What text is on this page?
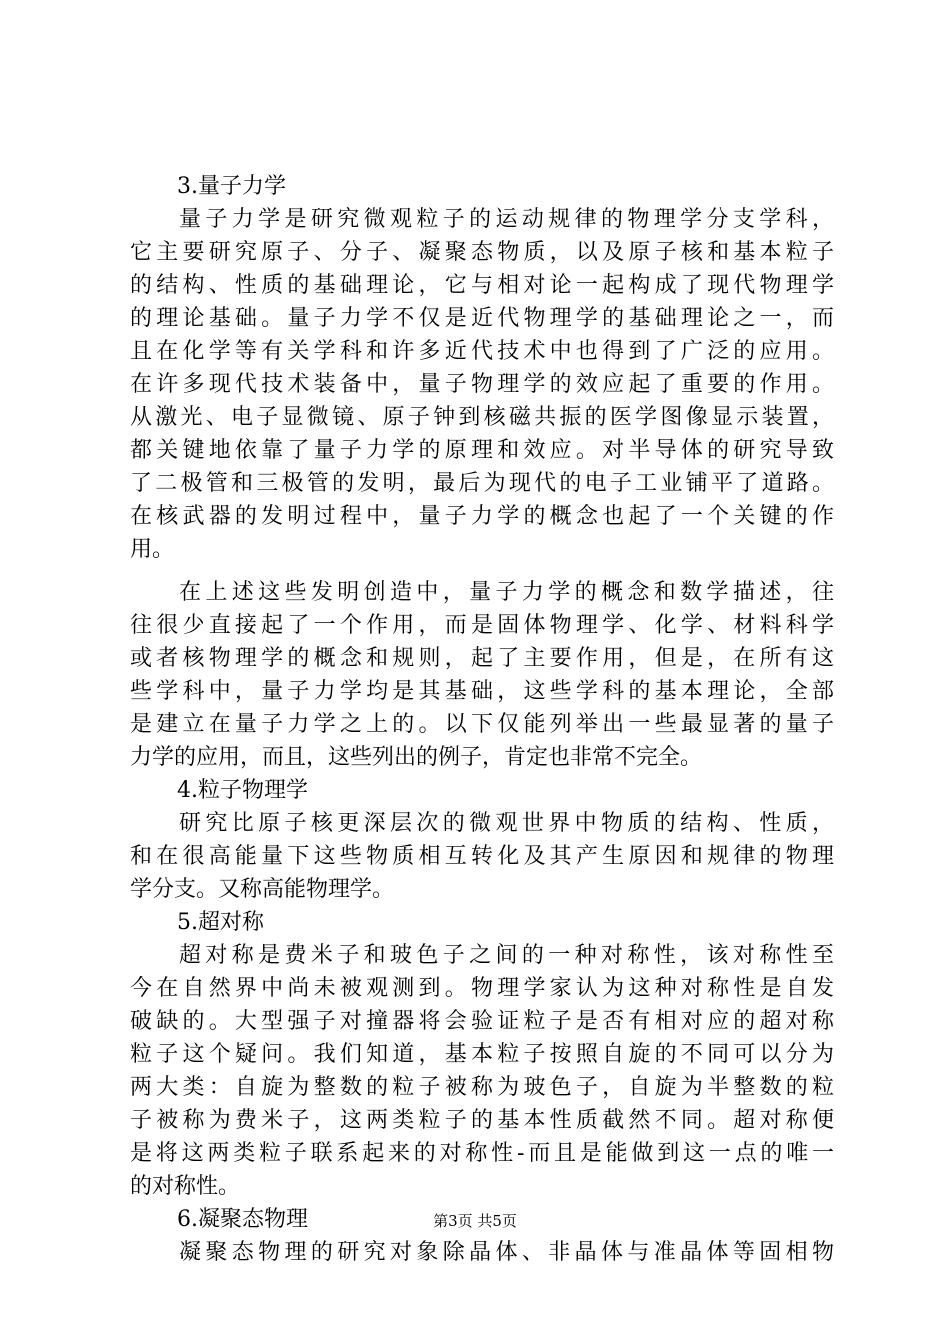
3.量子力学
量子力学是研究微观粒子的运动规律的物理学分支学科，
它主要研究原子、分子、凝聚态物质，以及原子核和基本粒子
的结构、性质的基础理论，它与相对论一起构成了现代物理学
的理论基础。量子力学不仅是近代物理学的基础理论之一，而
且在化学等有关学科和许多近代技术中也得到了广泛的应用。
在许多现代技术装备中，量子物理学的效应起了重要的作用。
从激光、电子显微镜、原子钟到核磁共振的医学图像显示装置，
都关键地依靠了量子力学的原理和效应。对半导体的研究导致
了二极管和三极管的发明，最后为现代的电子工业铺平了道路。
在核武器的发明过程中，量子力学的概念也起了一个关键的作
用。
在上述这些发明创造中，量子力学的概念和数学描述，往
往很少直接起了一个作用，而是固体物理学、化学、材料科学
或者核物理学的概念和规则，起了主要作用，但是，在所有这
些学科中，量子力学均是其基础，这些学科的基本理论，全部
是建立在量子力学之上的。以下仅能列举出一些最显著的量子
力学的应用，而且，这些列出的例子，肯定也非常不完全。
4.粒子物理学
研究比原子核更深层次的微观世界中物质的结构、性质，
和在很高能量下这些物质相互转化及其产生原因和规律的物理
学分支。又称高能物理学。
5.超对称
超对称是费米子和玻色子之间的一种对称性，该对称性至
今在自然界中尚未被观测到。物理学家认为这种对称性是自发
破缺的。大型强子对撞器将会验证粒子是否有相对应的超对称
粒子这个疑问。我们知道，基本粒子按照自旋的不同可以分为
两大类：自旋为整数的粒子被称为玻色子，自旋为半整数的粒
子被称为费米子，这两类粒子的基本性质截然不同。超对称便
是将这两类粒子联系起来的对称性-而且是能做到这一点的唯一
的对称性。
6.凝聚态物理
凝聚态物理的研究对象除晶体、非晶体与准晶体等固相物
第3页 共5页
